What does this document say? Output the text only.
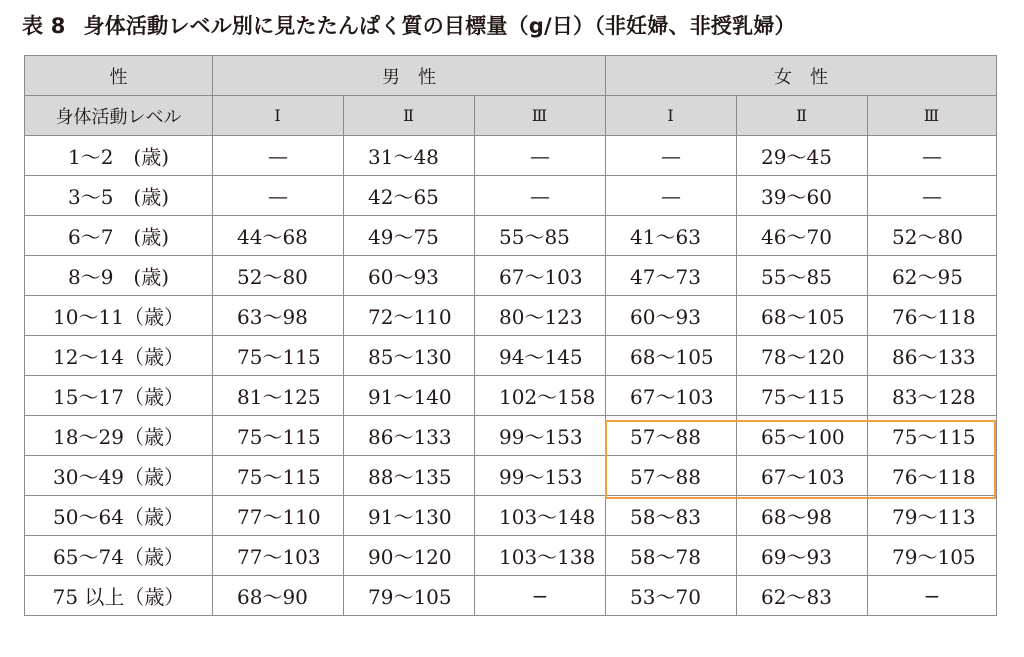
表 8 身体活動レベル別に見たたんぱく質の目標量（g/日）（非妊婦、非授乳婦）
性	男　性			女　性		
身体活動レベル	Ⅰ	Ⅱ	Ⅲ	Ⅰ	Ⅱ	Ⅲ
1～2　(歳)	—	31～48	—	—	29～45	—
3～5　(歳)	—	42～65	—	—	39～60	—
6～7　(歳)	44～68	49～75	55～85	41～63	46～70	52～80
8～9　(歳)	52～80	60～93	67～103	47～73	55～85	62～95
10～11（歳）	63～98	72～110	80～123	60～93	68～105	76～118
12～14（歳）	75～115	85～130	94～145	68～105	78～120	86～133
15～17（歳）	81～125	91～140	102～158	67～103	75～115	83～128
18～29（歳）	75～115	86～133	99～153	57～88	65～100	75～115
30～49（歳）	75～115	88～135	99～153	57～88	67～103	76～118
50～64（歳）	77～110	91～130	103～148	58～83	68～98	79～113
65～74（歳）	77～103	90～120	103～138	58～78	69～93	79～105
75 以上（歳）	68～90	79～105	−	53～70	62～83	−
